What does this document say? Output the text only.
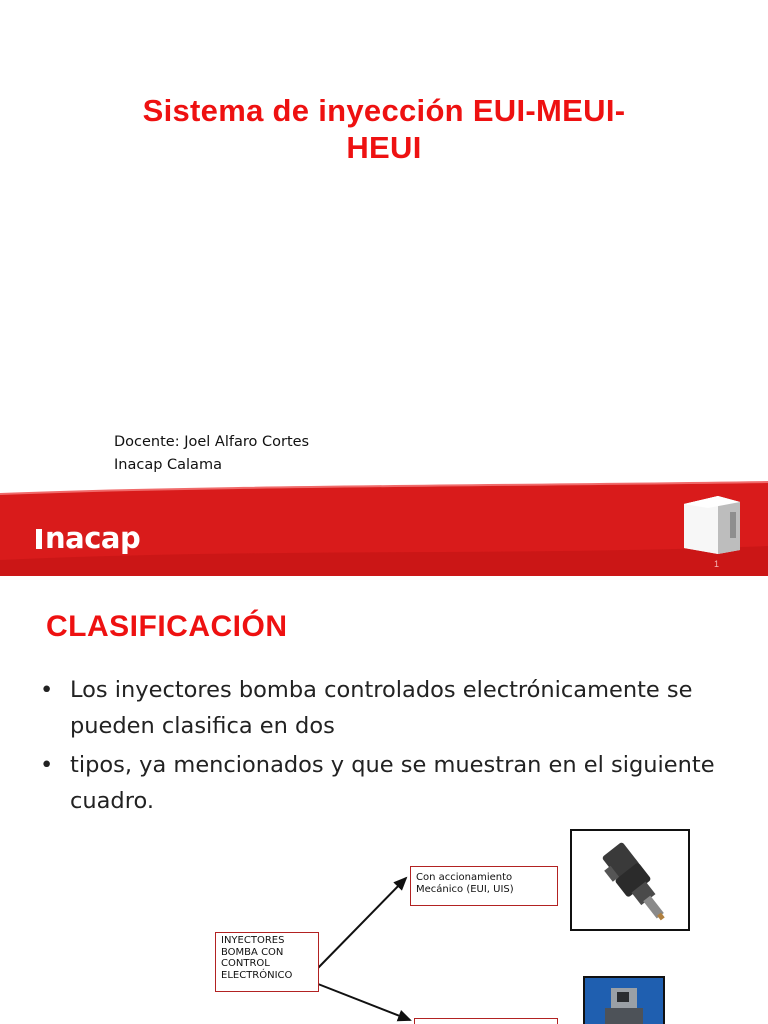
Sistema de inyección EUI-MEUI-
HEUI
Docente: Joel Alfaro Cortes
Inacap Calama
nacap
1
CLASIFICACIÓN
• Los inyectores bomba controlados electrónicamente se pueden clasifica en dos
• tipos, ya mencionados y que se muestran en el siguiente cuadro.
INYECTORES
BOMBA CON
CONTROL
ELECTRÓNICO
Con accionamiento
Mecánico (EUI, UIS)
